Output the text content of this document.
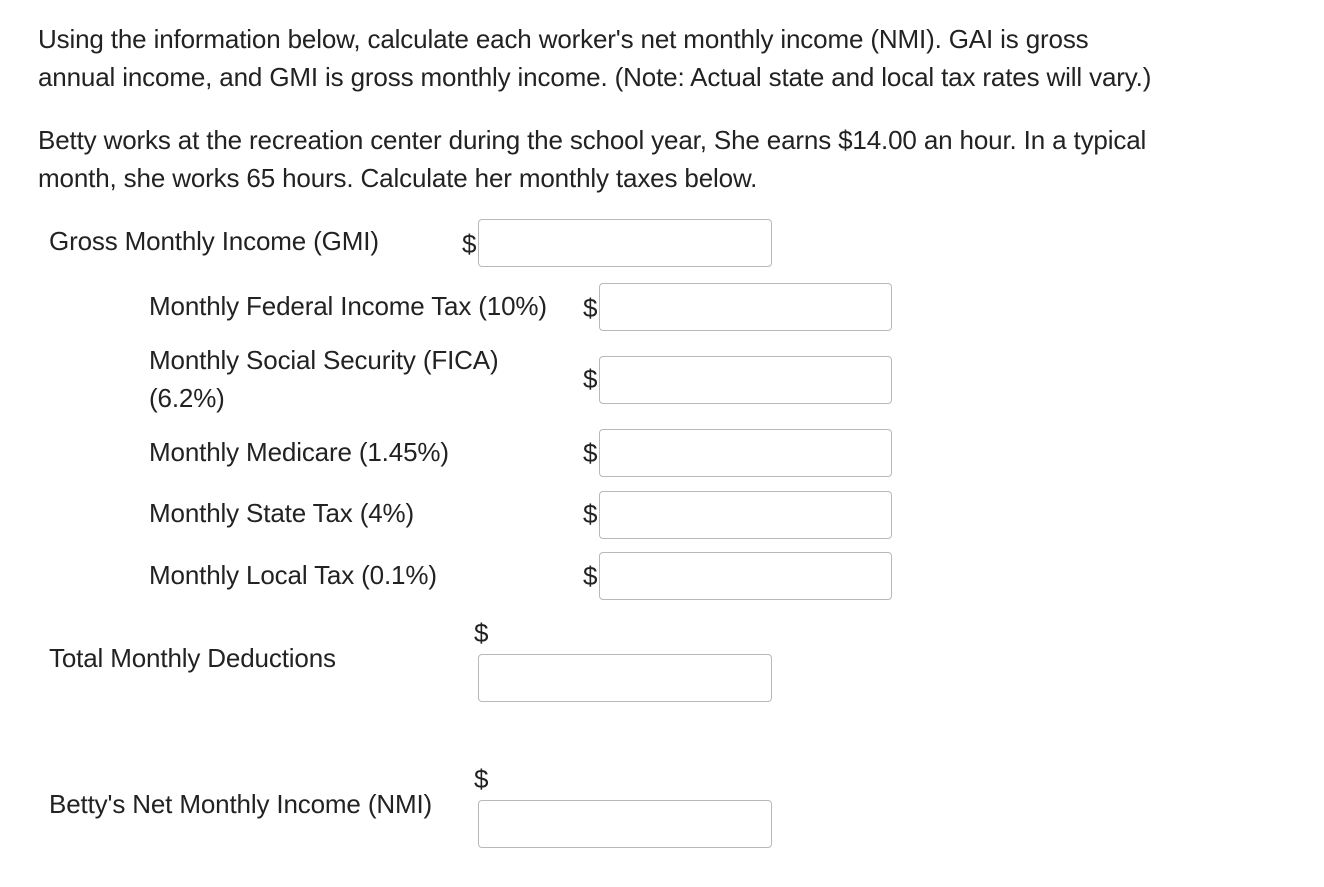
Using the information below, calculate each worker's net monthly income (NMI). GAI is gross
annual income, and GMI is gross monthly income. (Note: Actual state and local tax rates will vary.)

Betty works at the recreation center during the school year, She earns $14.00 an hour. In a typical
month, she works 65 hours. Calculate her monthly taxes below.

Gross Monthly Income (GMI)	$
Monthly Federal Income Tax (10%) $
Monthly Social Security (FICA)
(6.2%)
$
Monthly Medicare (1.45%)	$
Monthly State Tax (4%)	$
Monthly Local Tax (0.1%)	$
Total Monthly Deductions
$
Betty's Net Monthly Income (NMI)
$
